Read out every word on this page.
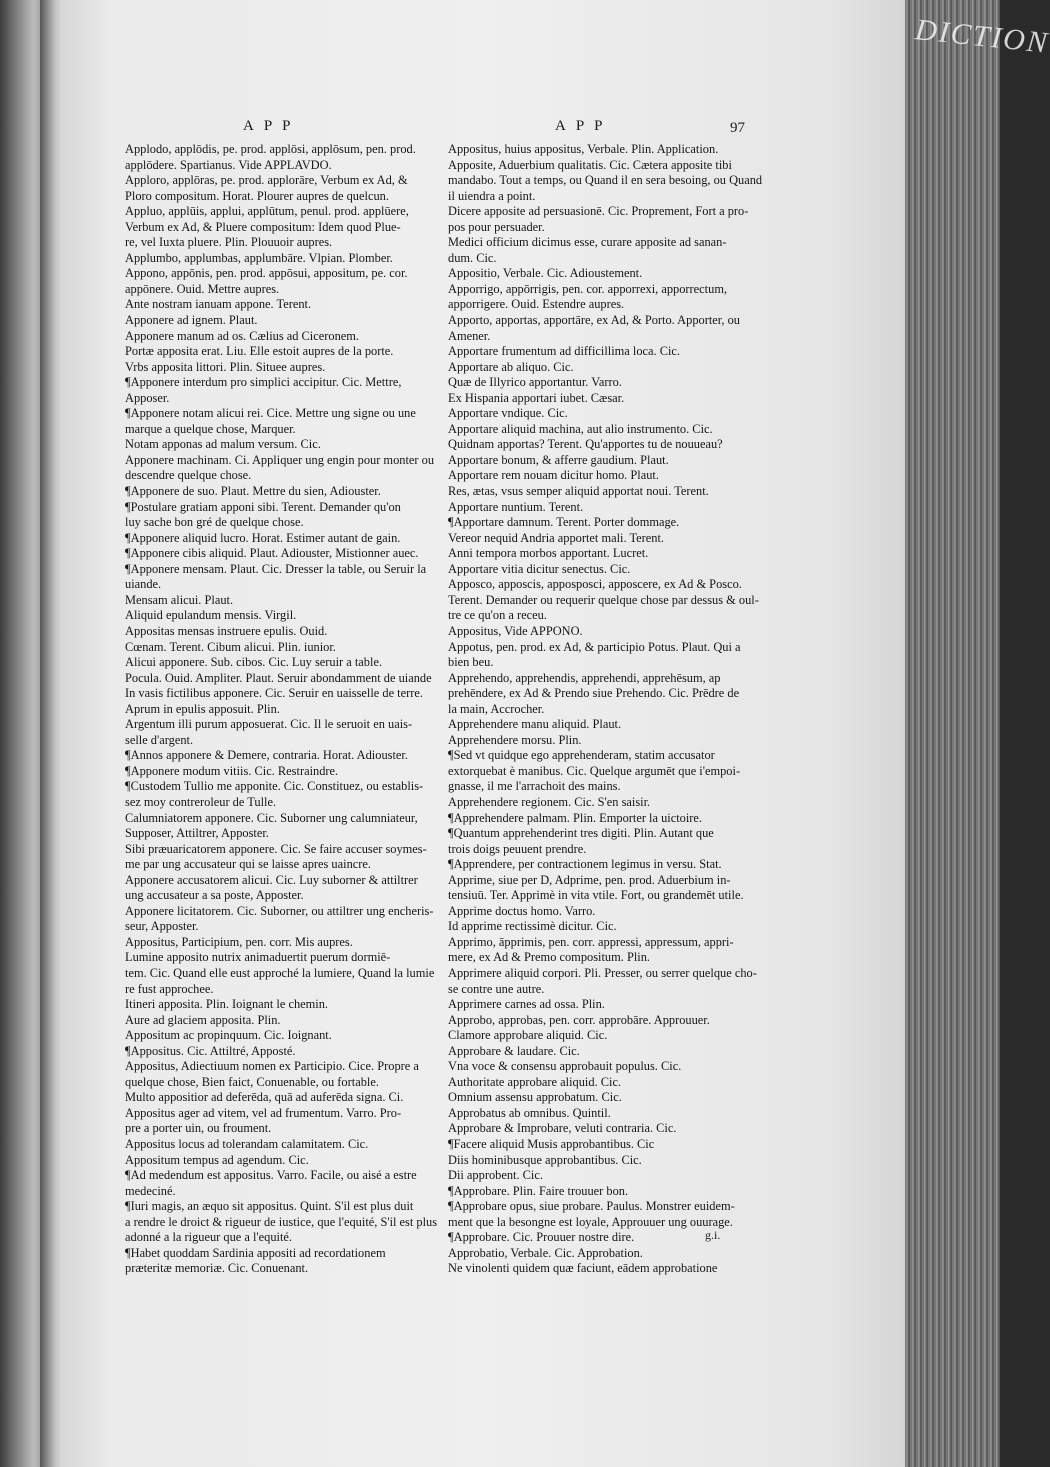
DICTION
APP	APP	97

Applodo, applōdis, pe. prod. applōsi, applōsum, pen. prod.

applōdere. Spartianus. Vide APPLAVDO.

Apploro, applōras, pe. prod. applorāre, Verbum ex Ad, &

Ploro compositum. Horat. Plourer aupres de quelcun.

Appluo, applūis, applui, applūtum, penul. prod. applūere,

Verbum ex Ad, & Pluere compositum: Idem quod Plue-

re, vel Iuxta pluere. Plin. Plouuoir aupres.

Applumbo, applumbas, applumbāre. Vlpian. Plomber.

Appono, appōnis, pen. prod. appōsui, appositum, pe. cor.

appōnere. Ouid. Mettre aupres.

Ante nostram ianuam appone. Terent.

Apponere ad ignem. Plaut.

Apponere manum ad os. Cælius ad Ciceronem.

Portæ apposita erat. Liu. Elle estoit aupres de la porte.

Vrbs apposita littori. Plin. Situee aupres.

¶Apponere interdum pro simplici accipitur. Cic. Mettre,

Apposer.

¶Apponere notam alicui rei. Cice. Mettre ung signe ou une

marque a quelque chose, Marquer.

Notam apponas ad malum versum. Cic.

Apponere machinam. Ci. Appliquer ung engin pour monter ou

descendre quelque chose.

¶Apponere de suo. Plaut. Mettre du sien, Adiouster.

¶Postulare gratiam apponi sibi. Terent. Demander qu'on

luy sache bon gré de quelque chose.

¶Apponere aliquid lucro. Horat. Estimer autant de gain.

¶Apponere cibis aliquid. Plaut. Adiouster, Mistionner auec.

¶Apponere mensam. Plaut. Cic. Dresser la table, ou Seruir la

uiande.

Mensam alicui. Plaut.

Aliquid epulandum mensis. Virgil.

Appositas mensas instruere epulis. Ouid.

Cœnam. Terent. Cibum alicui. Plin. iunior.

Alicui apponere. Sub. cibos. Cic. Luy seruir a table.

Pocula. Ouid. Ampliter. Plaut. Seruir abondamment de uiande

In vasis fictilibus apponere. Cic. Seruir en uaisselle de terre.

Aprum in epulis apposuit. Plin.

Argentum illi purum apposuerat. Cic. Il le seruoit en uais-

selle d'argent.

¶Annos apponere & Demere, contraria. Horat. Adiouster.

¶Apponere modum vitiis. Cic. Restraindre.

¶Custodem Tullio me apponite. Cic. Constituez, ou establis-

sez moy contreroleur de Tulle.

Calumniatorem apponere. Cic. Suborner ung calumniateur,

Supposer, Attiltrer, Apposter.

Sibi præuaricatorem apponere. Cic. Se faire accuser soymes-

me par ung accusateur qui se laisse apres uaincre.

Apponere accusatorem alicui. Cic. Luy suborner & attiltrer

ung accusateur a sa poste, Apposter.

Apponere licitatorem. Cic. Suborner, ou attiltrer ung encheris-

seur, Apposter.

Appositus, Participium, pen. corr. Mis aupres.

Lumine apposito nutrix animaduertit puerum dormiē-

tem. Cic. Quand elle eust approché la lumiere, Quand la lumie

re fust approchee.

Itineri apposita. Plin. Ioignant le chemin.

Aure ad glaciem apposita. Plin.

Appositum ac propinquum. Cic. Ioignant.

¶Appositus. Cic. Attiltré, Apposté.

Appositus, Adiectiuum nomen ex Participio. Cice. Propre a

quelque chose, Bien faict, Conuenable, ou fortable.

Multo appositior ad deferēda, quā ad auferēda signa. Ci.

Appositus ager ad vitem, vel ad frumentum. Varro. Pro-

pre a porter uin, ou froument.

Appositus locus ad tolerandam calamitatem. Cic.

Appositum tempus ad agendum. Cic.

¶Ad medendum est appositus. Varro. Facile, ou aisé a estre

medeciné.

¶Iuri magis, an æquo sit appositus. Quint. S'il est plus duit

a rendre le droict & rigueur de iustice, que l'equité, S'il est plus

adonné a la rigueur que a l'equité.

¶Habet quoddam Sardinia appositi ad recordationem

præteritæ memoriæ. Cic. Conuenant.

Appositus, huius appositus, Verbale. Plin. Application.

Apposite, Aduerbium qualitatis. Cic. Cætera apposite tibi

mandabo. Tout a temps, ou Quand il en sera besoing, ou Quand

il uiendra a point.

Dicere apposite ad persuasionē. Cic. Proprement, Fort a pro-

pos pour persuader.

Medici officium dicimus esse, curare apposite ad sanan-

dum. Cic.

Appositio, Verbale. Cic. Adioustement.

Apporrigo, appōrrigis, pen. cor. apporrexi, apporrectum,

apporrigere. Ouid. Estendre aupres.

Apporto, apportas, apportāre, ex Ad, & Porto. Apporter, ou

Amener.

Apportare frumentum ad difficillima loca. Cic.

Apportare ab aliquo. Cic.

Quæ de Illyrico apportantur. Varro.

Ex Hispania apportari iubet. Cæsar.

Apportare vndique. Cic.

Apportare aliquid machina, aut alio instrumento. Cic.

Quidnam apportas? Terent. Qu'apportes tu de nouueau?

Apportare bonum, & afferre gaudium. Plaut.

Apportare rem nouam dicitur homo. Plaut.

Res, ætas, vsus semper aliquid apportat noui. Terent.

Apportare nuntium. Terent.

¶Apportare damnum. Terent. Porter dommage.

Vereor nequid Andria apportet mali. Terent.

Anni tempora morbos apportant. Lucret.

Apportare vitia dicitur senectus. Cic.

Apposco, apposcis, apposposci, apposcere, ex Ad & Posco.

Terent. Demander ou requerir quelque chose par dessus & oul-

tre ce qu'on a receu.

Appositus, Vide APPONO.

Appotus, pen. prod. ex Ad, & participio Potus. Plaut. Qui a

bien beu.

Apprehendo, apprehendis, apprehendi, apprehēsum, ap

prehēndere, ex Ad & Prendo siue Prehendo. Cic. Prēdre de

la main, Accrocher.

Apprehendere manu aliquid. Plaut.

Apprehendere morsu. Plin.

¶Sed vt quidque ego apprehenderam, statim accusator

extorquebat è manibus. Cic. Quelque argumēt que i'empoi-

gnasse, il me l'arrachoit des mains.

Apprehendere regionem. Cic. S'en saisir.

¶Apprehendere palmam. Plin. Emporter la uictoire.

¶Quantum apprehenderint tres digiti. Plin. Autant que

trois doigs peuuent prendre.

¶Apprendere, per contractionem legimus in versu. Stat.

Apprime, siue per D, Adprime, pen. prod. Aduerbium in-

tensiuū. Ter. Apprimè in vita vtile. Fort, ou grandemēt utile.

Apprime doctus homo. Varro.

Id apprime rectissimè dicitur. Cic.

Apprimo, āpprimis, pen. corr. appressi, appressum, appri-

mere, ex Ad & Premo compositum. Plin.

Apprimere aliquid corpori. Pli. Presser, ou serrer quelque cho-

se contre une autre.

Apprimere carnes ad ossa. Plin.

Approbo, approbas, pen. corr. approbāre. Approuuer.

Clamore approbare aliquid. Cic.

Approbare & laudare. Cic.

Vna voce & consensu approbauit populus. Cic.

Authoritate approbare aliquid. Cic.

Omnium assensu approbatum. Cic.

Approbatus ab omnibus. Quintil.

Approbare & Improbare, veluti contraria. Cic.

¶Facere aliquid Musis approbantibus. Cic

Diis hominibusque approbantibus. Cic.

Dii approbent. Cic.

¶Approbare. Plin. Faire trouuer bon.

¶Approbare opus, siue probare. Paulus. Monstrer euidem-

ment que la besongne est loyale, Approuuer ung ouurage.

¶Approbare. Cic. Prouuer nostre dire.

Approbatio, Verbale. Cic. Approbation.

Ne vinolenti quidem quæ faciunt, eādem approbatione

g.i.
